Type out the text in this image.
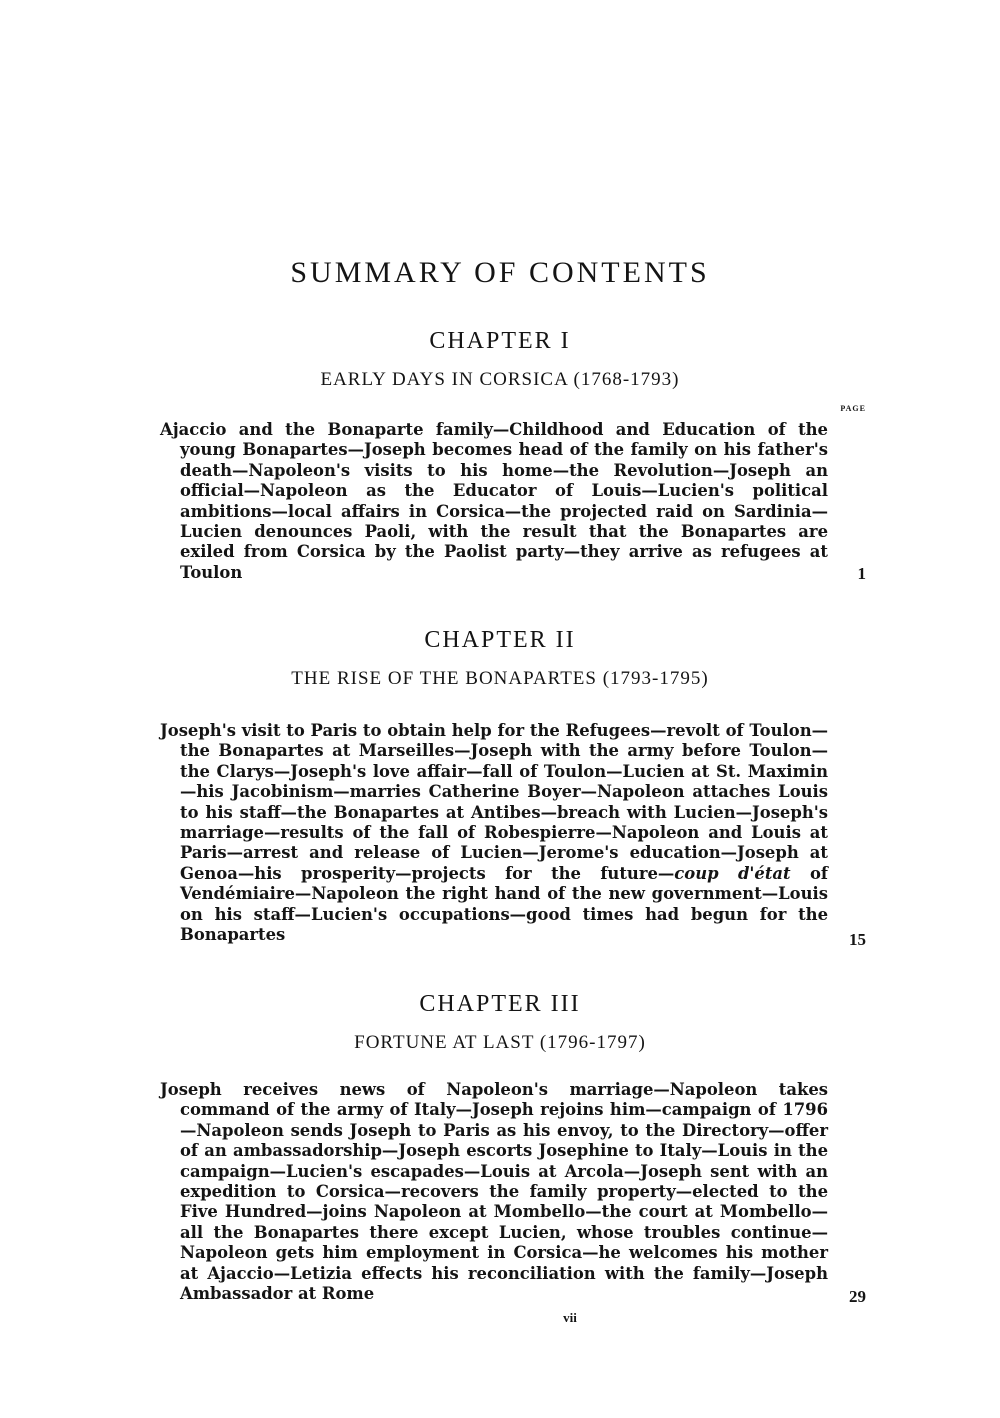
SUMMARY OF CONTENTS
CHAPTER I
EARLY DAYS IN CORSICA (1768-1793)
PAGE
Ajaccio and the Bonaparte family—Childhood and Education of the young Bonapartes—Joseph becomes head of the family on his father's death—Napoleon's visits to his home—the Revolution—Joseph an official—Napoleon as the Educator of Louis—Lucien's political ambitions—local affairs in Corsica—the projected raid on Sardinia—Lucien denounces Paoli, with the result that the Bonapartes are exiled from Corsica by the Paolist party—they arrive as refugees at Toulon	1
CHAPTER II
THE RISE OF THE BONAPARTES (1793-1795)
Joseph's visit to Paris to obtain help for the Refugees—revolt of Toulon—the Bonapartes at Marseilles—Joseph with the army before Toulon—the Clarys—Joseph's love affair—fall of Toulon—Lucien at St. Maximin—his Jacobinism—marries Catherine Boyer—Napoleon attaches Louis to his staff—the Bonapartes at Antibes—breach with Lucien—Joseph's marriage—results of the fall of Robespierre—Napoleon and Louis at Paris—arrest and release of Lucien—Jerome's education—Joseph at Genoa—his prosperity—projects for the future—coup d'état of Vendémiaire—Napoleon the right hand of the new government—Louis on his staff—Lucien's occupations—good times had begun for the Bonapartes	15
CHAPTER III
FORTUNE AT LAST (1796-1797)
Joseph receives news of Napoleon's marriage—Napoleon takes command of the army of Italy—Joseph rejoins him—campaign of 1796—Napoleon sends Joseph to Paris as his envoy, to the Directory—offer of an ambassadorship—Joseph escorts Josephine to Italy—Louis in the campaign—Lucien's escapades—Louis at Arcola—Joseph sent with an expedition to Corsica—recovers the family property—elected to the Five Hundred—joins Napoleon at Mombello—the court at Mombello—all the Bonapartes there except Lucien, whose troubles continue—Napoleon gets him employment in Corsica—he welcomes his mother at Ajaccio—Letizia effects his reconciliation with the family—Joseph Ambassador at Rome	29
vii
